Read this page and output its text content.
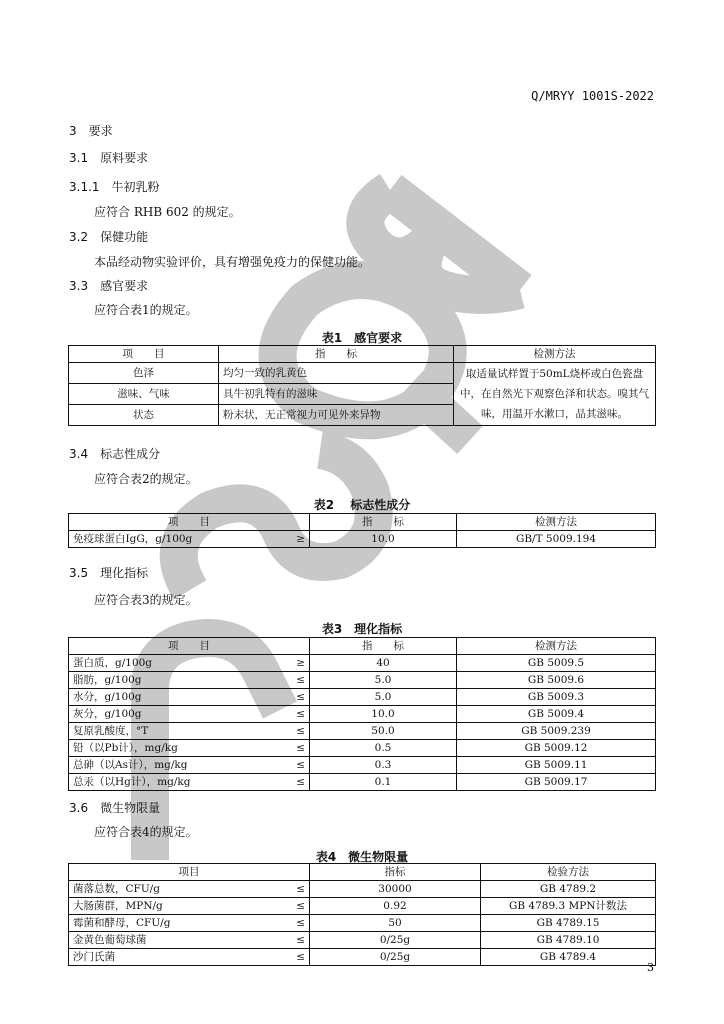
Q/MRYY 1001S-2022
3　要求
3.1　原料要求
3.1.1　牛初乳粉
应符合 RHB 602 的规定。
3.2　保健功能
本品经动物实验评价，具有增强免疫力的保健功能。
3.3　感官要求
应符合表1的规定。
表1　感官要求
项　　目	指　　标	检测方法
色泽	均匀一致的乳黄色	取适量试样置于50mL烧杯或白色瓷盘中，在自然光下观察色泽和状态。嗅其气味，用温开水漱口，品其滋味。
滋味、气味	具牛初乳特有的滋味	
状态	粉末状，无正常视力可见外来异物	
3.4　标志性成分
应符合表2的规定。
表2　 标志性成分
项　　目	指　　标	检测方法
免疫球蛋白IgG，g/100g ≥	10.0	GB/T 5009.194
3.5　理化指标
应符合表3的规定。
表3　理化指标
项　　目	指　　标	检测方法
蛋白质，g/100g ≥	40	GB 5009.5
脂肪，g/100g ≤	5.0	GB 5009.6
水分，g/100g ≤	5.0	GB 5009.3
灰分，g/100g ≤	10.0	GB 5009.4
复原乳酸度，°T ≤	50.0	GB 5009.239
铅（以Pb计），mg/kg ≤	0.5	GB 5009.12
总砷（以As计），mg/kg ≤	0.3	GB 5009.11
总汞（以Hg计），mg/kg ≤	0.1	GB 5009.17
3.6　微生物限量
应符合表4的规定。
表4　微生物限量
项目	指标	检验方法
菌落总数，CFU/g ≤	30000	GB 4789.2
大肠菌群，MPN/g ≤	0.92	GB 4789.3 MPN计数法
霉菌和酵母，CFU/g ≤	50	GB 4789.15
金黄色葡萄球菌 ≤	0/25g	GB 4789.10
沙门氏菌 ≤	0/25g	GB 4789.4
3
